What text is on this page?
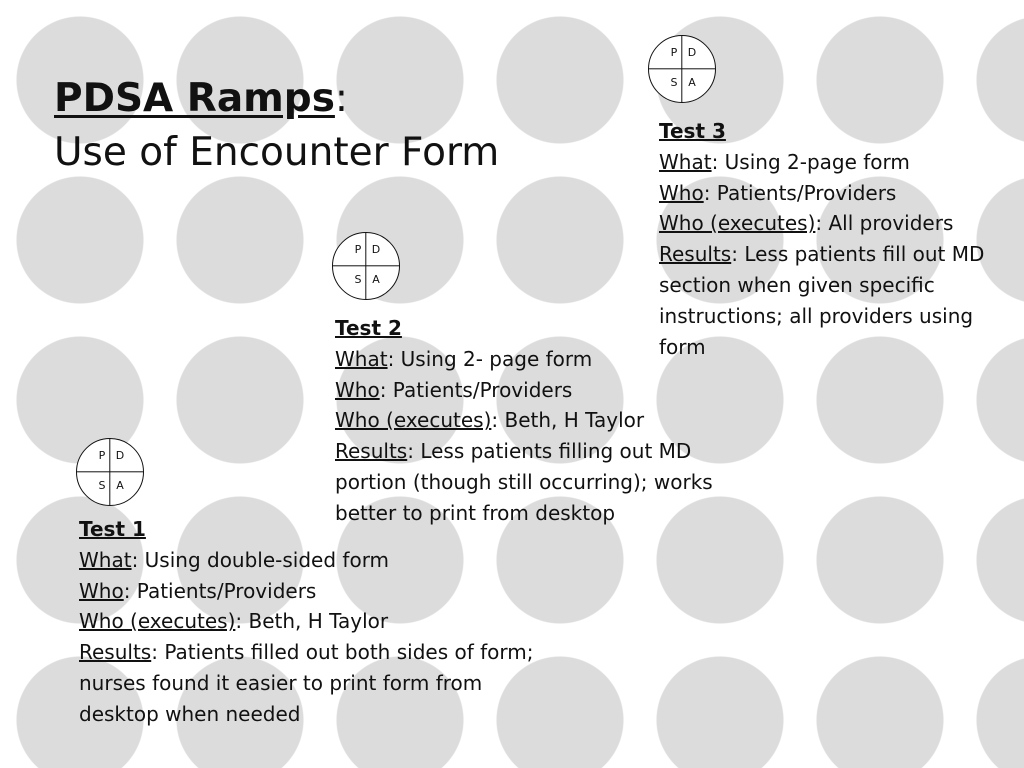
PDSA Ramps:
Use of Encounter Form
P D
S A
P D
S A
P D
S A
Test 3
What: Using 2-page form
Who: Patients/Providers
Who (executes): All providers
Results: Less patients fill out MD section when given specific instructions; all providers using form
Test 2
What: Using 2- page form
Who: Patients/Providers
Who (executes): Beth, H Taylor
Results: Less patients filling out MD portion (though still occurring); works better to print from desktop
Test 1
What: Using double-sided form
Who: Patients/Providers
Who (executes): Beth, H Taylor
Results: Patients filled out both sides of form; nurses found it easier to print form from desktop when needed
